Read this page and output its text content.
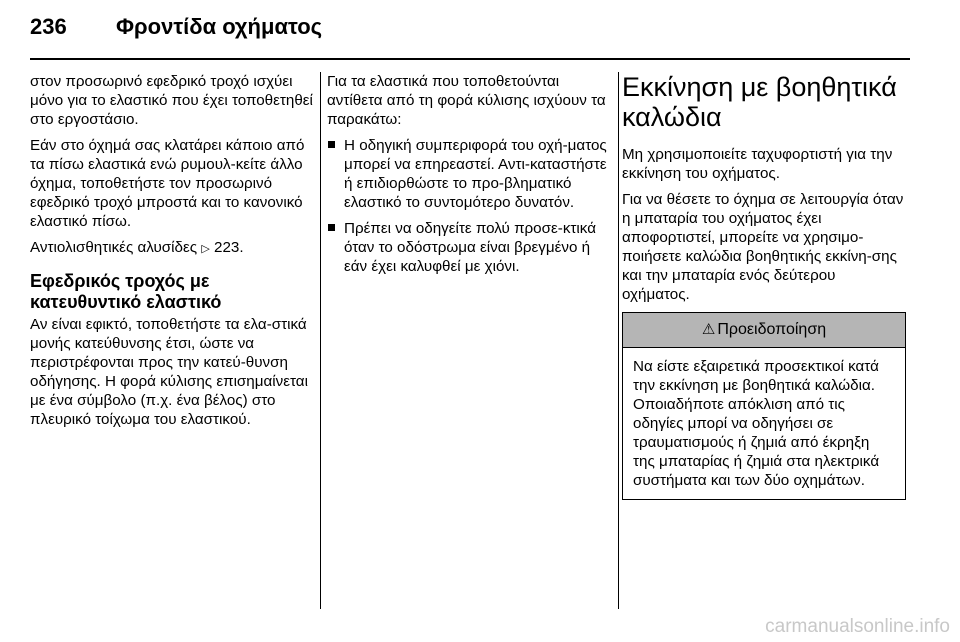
236 Φροντίδα οχήματος

στον προσωρινό εφεδρικό τροχό ισχύει μόνο για το ελαστικό που έχει τοποθετηθεί στο εργοστάσιο.

Εάν στο όχημά σας κλατάρει κάποιο από τα πίσω ελαστικά ενώ ρυμουλ-κείτε άλλο όχημα, τοποθετήστε τον προσωρινό εφεδρικό τροχό μπροστά και το κανονικό ελαστικό πίσω.

Αντιολισθητικές αλυσίδες ▷ 223.

Εφεδρικός τροχός με κατευθυντικό ελαστικό

Αν είναι εφικτό, τοποθετήστε τα ελα-στικά μονής κατεύθυνσης έτσι, ώστε να περιστρέφονται προς την κατεύ-θυνση οδήγησης. Η φορά κύλισης επισημαίνεται με ένα σύμβολο (π.χ. ένα βέλος) στο πλευρικό τοίχωμα του ελαστικού.

Για τα ελαστικά που τοποθετούνται αντίθετα από τη φορά κύλισης ισχύουν τα παρακάτω:

Η οδηγική συμπεριφορά του οχή-ματος μπορεί να επηρεαστεί. Αντι-καταστήστε ή επιδιορθώστε το προ-βληματικό ελαστικό το συντομότερο δυνατόν.
Πρέπει να οδηγείτε πολύ προσε-κτικά όταν το οδόστρωμα είναι βρεγμένο ή εάν έχει καλυφθεί με χιόνι.
Εκκίνηση με βοηθητικά καλώδια

Μη χρησιμοποιείτε ταχυφορτιστή για την εκκίνηση του οχήματος.

Για να θέσετε το όχημα σε λειτουργία όταν η μπαταρία του οχήματος έχει αποφορτιστεί, μπορείτε να χρησιμο-ποιήσετε καλώδια βοηθητικής εκκίνη-σης και την μπαταρία ενός δεύτερου οχήματος.

⚠ Προειδοποίηση
Να είστε εξαιρετικά προσεκτικοί κατά την εκκίνηση με βοηθητικά καλώδια. Οποιαδήποτε απόκλιση από τις οδηγίες μπορί να οδηγήσει σε τραυματισμούς ή ζημιά από έκρηξη της μπαταρίας ή ζημιά στα ηλεκτρικά συστήματα και των δύο οχημάτων.
carmanualsonline.info
